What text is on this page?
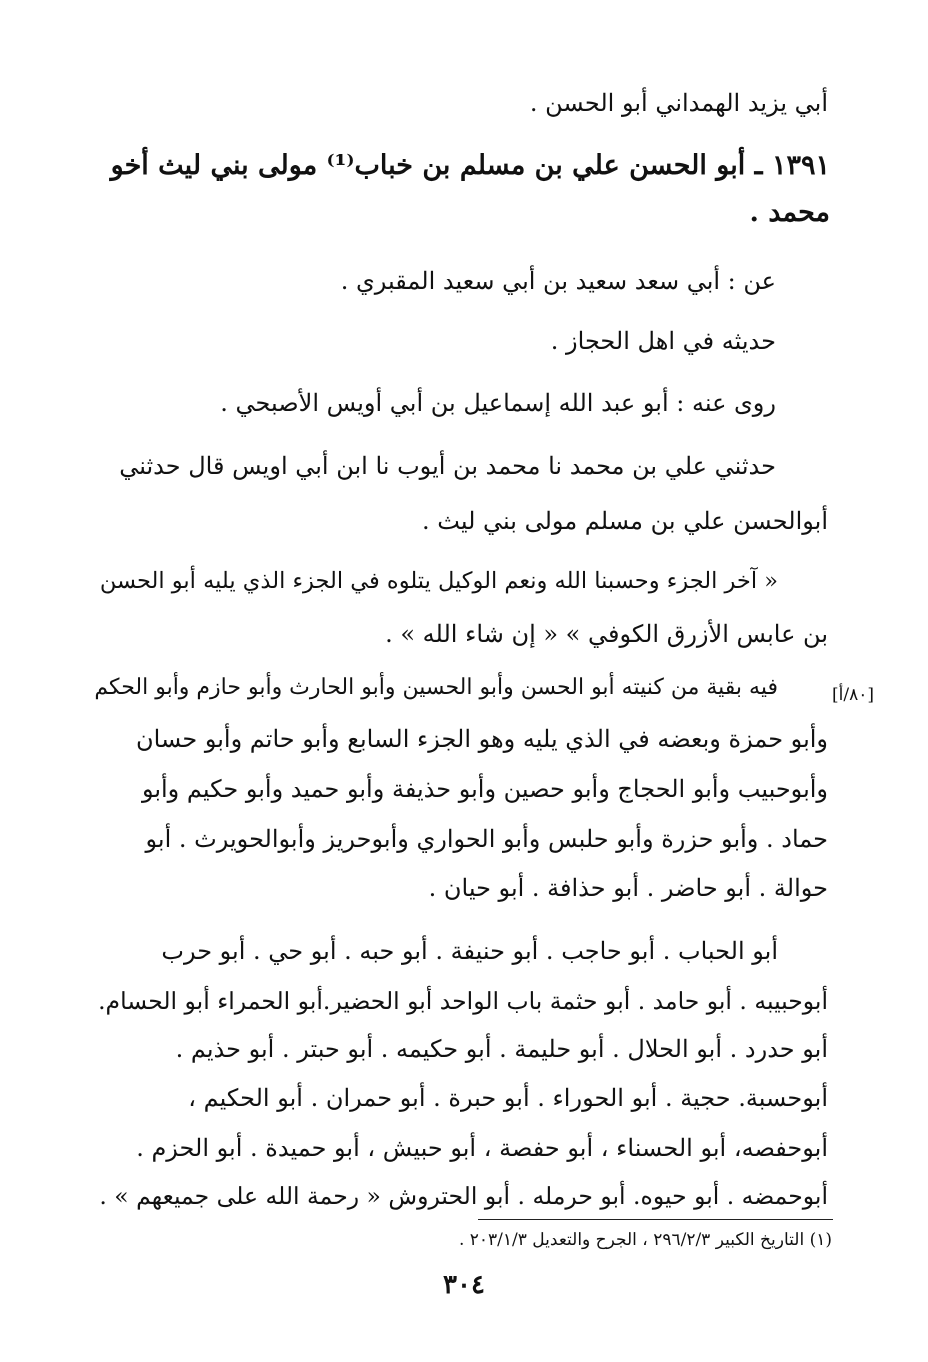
أبي يزيد الهمداني أبو الحسن .
١٣٩١ ـ أبو الحسن علي بن مسلم بن خباب⁽¹⁾ مولى بني ليث أخو
محمد .
عن : أبي سعد سعيد بن أبي سعيد المقبري .
حديثه في اهل الحجاز .
روى عنه : أبو عبد الله إسماعيل بن أبي أويس الأصبحي .
حدثني علي بن محمد نا محمد بن أيوب نا ابن أبي اويس قال حدثني
أبوالحسن علي بن مسلم مولى بني ليث .
« آخر الجزء وحسبنا الله ونعم الوكيل يتلوه في الجزء الذي يليه أبو الحسن
بن عابس الأزرق الكوفي » « إن شاء الله » .
[٨٠/أ]
فيه بقية من كنيته أبو الحسن وأبو الحسين وأبو الحارث وأبو حازم وأبو الحكم
وأبو حمزة وبعضه في الذي يليه وهو الجزء السابع وأبو حاتم وأبو حسان
وأبوحبيب وأبو الحجاج وأبو حصين وأبو حذيفة وأبو حميد وأبو حكيم وأبو
حماد . وأبو حزرة وأبو حلبس وأبو الحواري وأبوحريز وأبوالحويرث . أبو
حوالة . أبو حاضر . أبو حذافة . أبو حيان .
أبو الحباب . أبو حاجب . أبو حنيفة . أبو حبه . أبو حي . أبو حرب
أبوحبيبه . أبو حامد . أبو حثمة باب الواحد أبو الحضير.أبو الحمراء أبو الحسام.
أبو حدرد . أبو الحلال . أبو حليمة . أبو حكيمه . أبو حبتر . أبو حذيم .
أبوحسبة. حجية . أبو الحوراء . أبو حبرة . أبو حمران . أبو الحكيم ،
أبوحفصه، أبو الحسناء ، أبو حفصة ، أبو حبيش ، أبو حميدة . أبو الحزم .
أبوحمضه . أبو حيوه. أبو حرمله . أبو الحتروش « رحمة الله على جميعهم » .
(١) التاريخ الكبير ٢٩٦/٢/٣ ، الجرح والتعديل ٢٠٣/١/٣ .
٣٠٤
